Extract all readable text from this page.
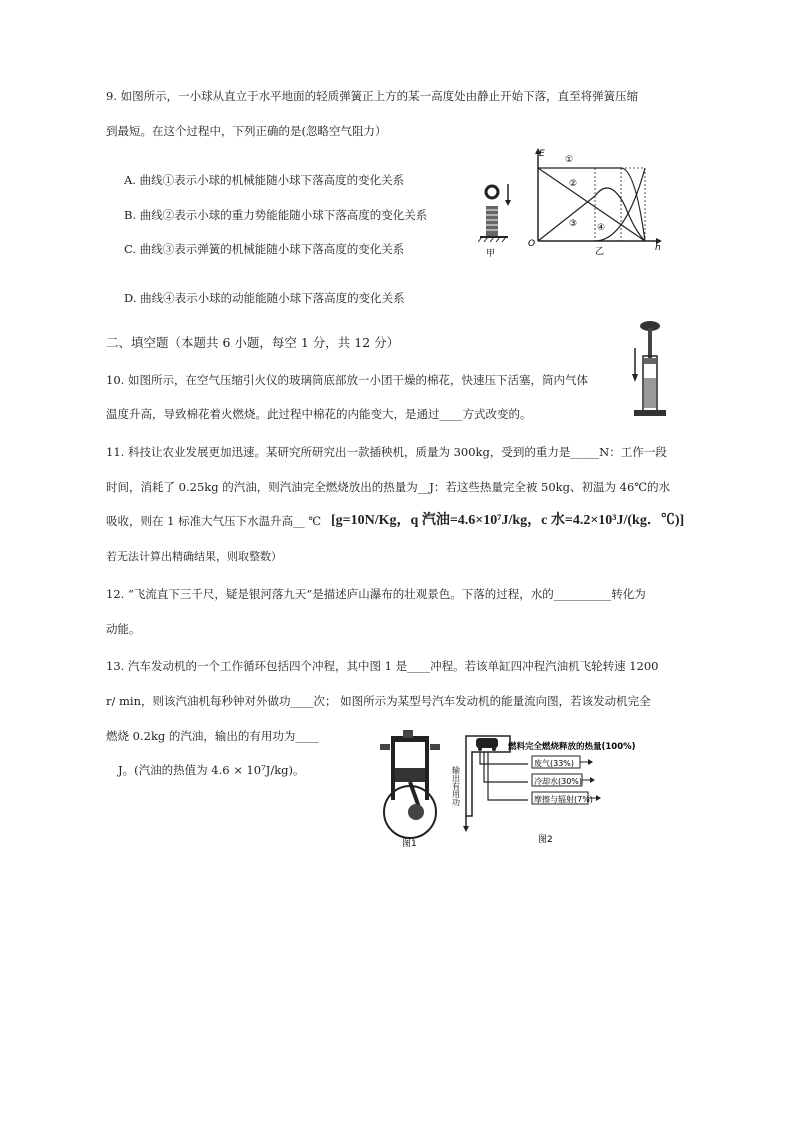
9. 如图所示，一小球从直立于水平地面的轻质弹簧正上方的某一高度处由静止开始下落，直至将弹簧压缩
到最短。在这个过程中，下列正确的是(忽略空气阻力）
A. 曲线①表示小球的机械能随小球下落高度的变化关系
B. 曲线②表示小球的重力势能能随小球下落高度的变化关系
C. 曲线③表示弹簧的机械能随小球下落高度的变化关系
D. 曲线④表示小球的动能能随小球下落高度的变化关系
甲
E
h
O
①
②
③ ④
乙
二、填空题（本题共 6 小题，每空 1 分，共 12 分）
10. 如图所示，在空气压缩引火仪的玻璃筒底部放一小团干燥的棉花，快速压下活塞，筒内气体
温度升高，导致棉花着火燃烧。此过程中棉花的内能变大，是通过____方式改变的。
11. 科技让农业发展更加迅速。某研究所研究出一款插秧机，质量为 300kg，受到的重力是_____N：工作一段
时间，消耗了 0.25kg 的汽油，则汽油完全燃烧放出的热量为__J：若这些热量完全被 50kg、初温为 46℃的水
吸收，则在 1 标准大气压下水温升高__ ℃ [g=10N/Kg，q 汽油=4.6×10⁷J/kg，c 水=4.2×10³J/(kg．℃)]
若无法计算出精确结果，则取整数）
12. “飞流直下三千尺，疑是银河落九天”是描述庐山瀑布的壮观景色。下落的过程，水的__________转化为
动能。
13. 汽车发动机的一个工作循环包括四个冲程，其中图 1 是____冲程。若该单缸四冲程汽油机飞轮转速 1200
r/ min，则该汽油机每秒钟对外做功____次； 如图所示为某型号汽车发动机的能量流向图，若该发动机完全
燃烧 0.2kg 的汽油，输出的有用功为____
J。(汽油的热值为 4.6 × 10⁷J/kg)。
图1
燃料完全燃烧释放的热量(100%)
废气(33%)
冷却水(30%)
摩擦与辐射(7%)
输出有用功
图2
